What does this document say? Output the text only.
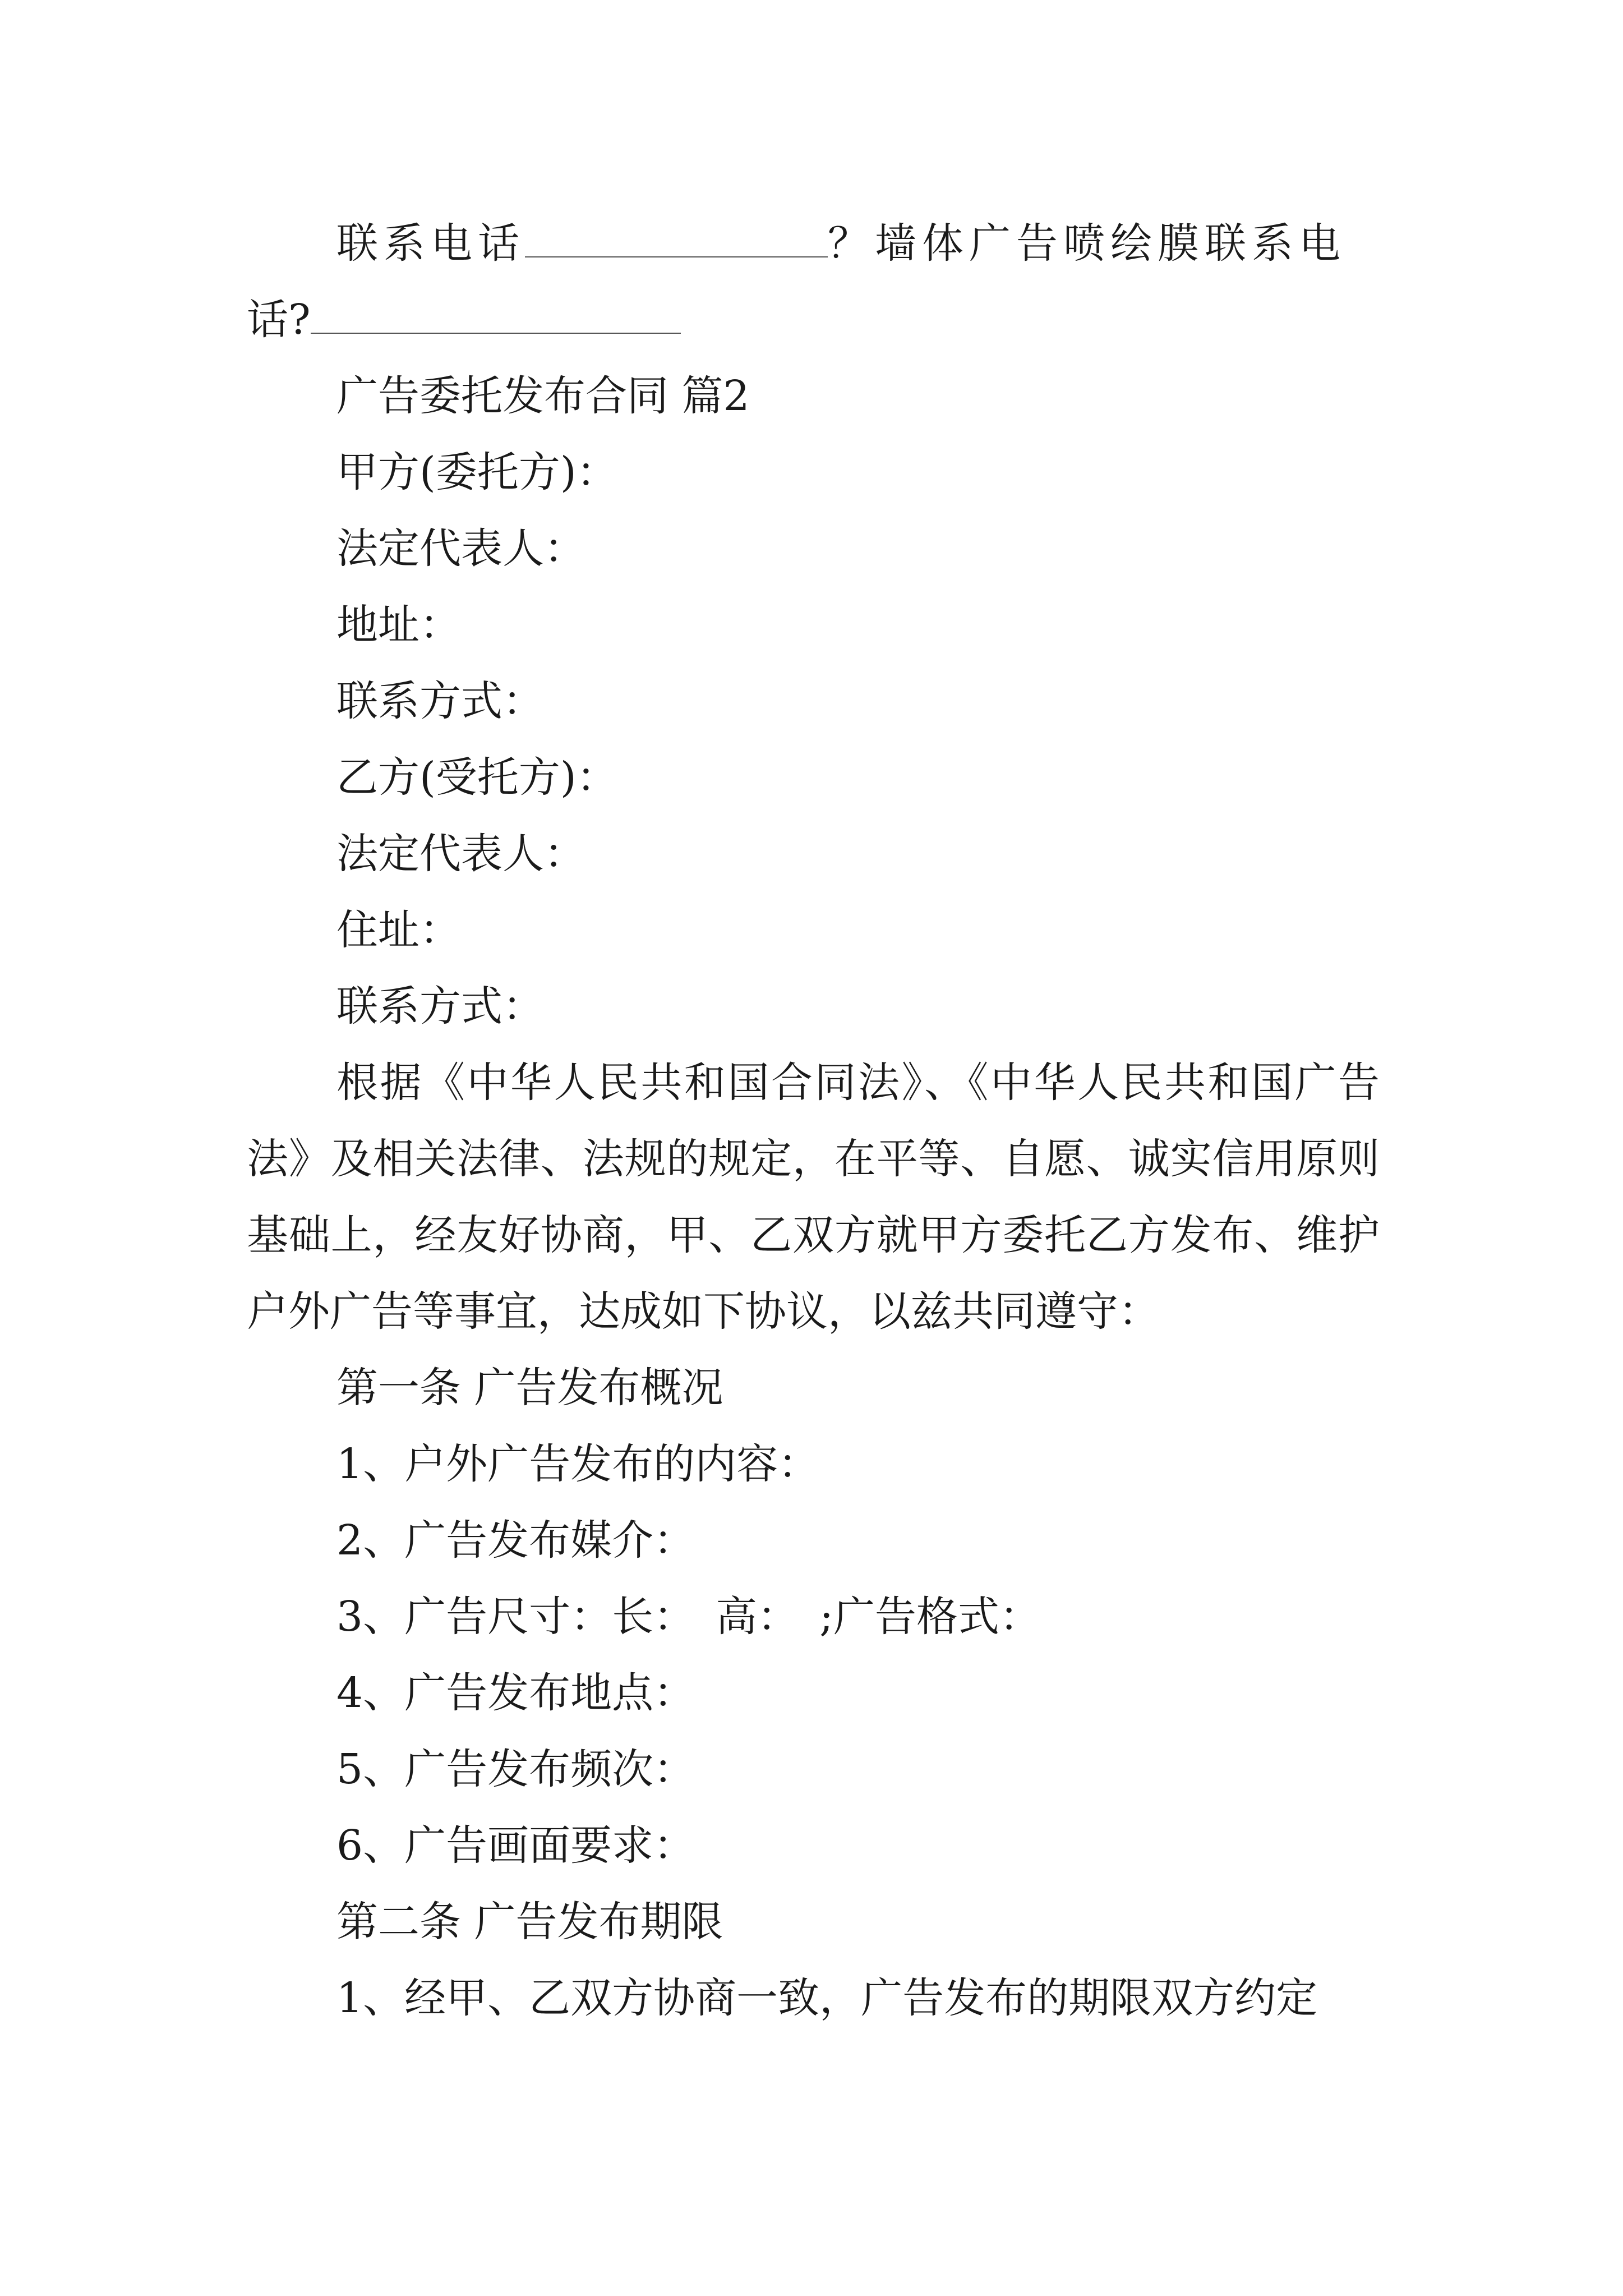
联系电话	？墙体广告喷绘膜联系电

话?

广告委托发布合同 篇2

甲方(委托方)：

法定代表人：

地址：

联系方式：

乙方(受托方)：

法定代表人：

住址：

联系方式：

根据《中华人民共和国合同法》、《中华人民共和国广告法》及相关法律、法规的规定，在平等、自愿、诚实信用原则基础上，经友好协商，甲、乙双方就甲方委托乙方发布、维护户外广告等事宜，达成如下协议，以兹共同遵守：

第一条 广告发布概况

1、户外广告发布的内容：

2、广告发布媒介：

3、广告尺寸：长：　高：　;广告格式：

4、广告发布地点：

5、广告发布频次：

6、广告画面要求：

第二条 广告发布期限

1、经甲、乙双方协商一致，广告发布的期限双方约定
